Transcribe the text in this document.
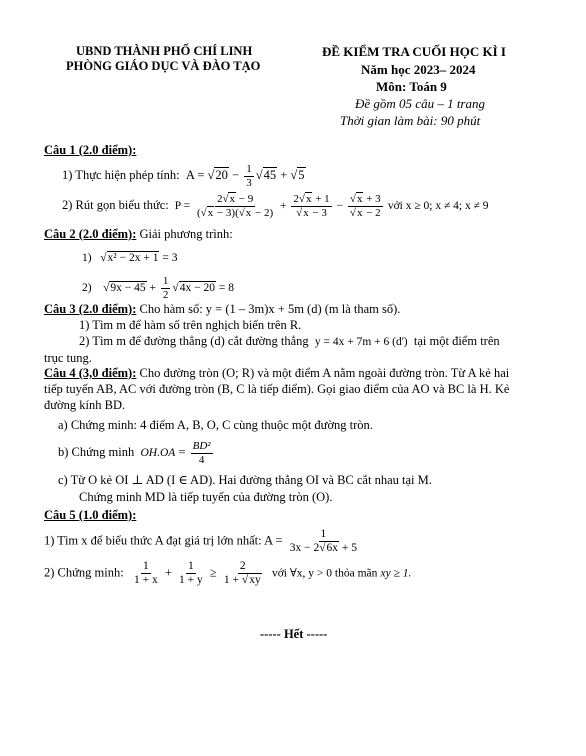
UBND THÀNH PHỐ CHÍ LINH
PHÒNG GIÁO DỤC VÀ ĐÀO TẠO
ĐỀ KIỂM TRA CUỐI HỌC KÌ I
Năm học 2023– 2024
Môn: Toán 9
Đề gồm 05 câu – 1 trang
Thời gian làm bài: 90 phút
Câu 1 (2.0 điểm):
1) Thực hiện phép tính:  A = √ $20 - \frac{1}{3}$
√ 45 + √ 5
2) Rút gọn biểu thức:  $P = \frac{2√ x - 9}{(√ x - 3)(√ x - 2)} + 2√$ x + 1
√ x − 3 −
√ x + 3
√ x − 2 với x ≥ 0; x ≠ 4; x ≠ 9
Câu 2 (2.0 điểm): Giải phương trình:
1)   √ x² − 2x + 1 = 3
2)    √ $9x - 45 + \frac{1}{2}$
√ 4x − 20 = 8
Câu 3 (2.0 điểm): Cho hàm số: y = (1 – 3m)x + 5m (d) (m là tham số).
1) Tìm m để hàm số trên nghịch biến trên R.
2) Tìm m để đường thẳng (d) cắt đường thẳng y = 4x + 7m + 6 (d') tại một điểm trên
trục tung.
Câu 4 (3,0 điểm): Cho đường tròn (O; R) và một điểm A nằm ngoài đường tròn. Từ A kẻ hai
tiếp tuyến AB, AC với đường tròn (B, C là tiếp điểm). Gọi giao điểm của AO và BC là H. Kẻ
đường kính BD.
a) Chứng minh: 4 điểm A, B, O, C cùng thuộc một đường tròn.
b) Chứng minh $OH.OA = \frac{\text{BD²}}{4}$
c) Từ O kẻ OI ⊥ AD (I ∈ AD). Hai đường thẳng OI và BC cắt nhau tại M.
Chứng minh MD là tiếp tuyến của đường tròn (O).
Câu 5 (1.0 điểm):
1) Tìm x để biểu thức A đạt giá trị lớn nhất: $A = \frac{1}{3x - 2√ 6x + 5}$
2) Chứng minh: $\frac{1}{1 + x} + \frac{1}{1 + y} \ge \frac{2}{1 + √ xy}$ với ∀x, y > 0 thỏa mãn xy ≥ 1.
----- Hết -----
